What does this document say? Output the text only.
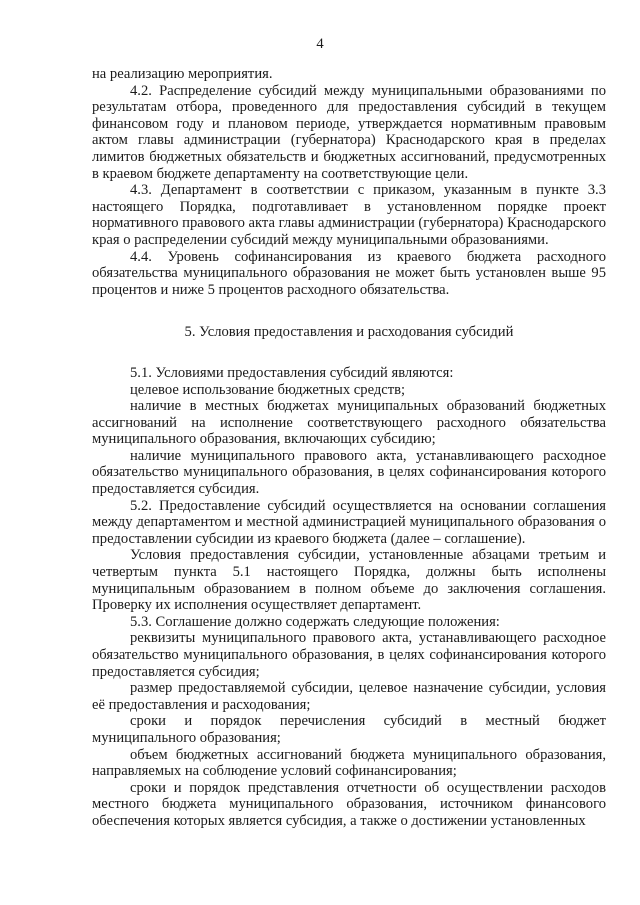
4

на реализацию мероприятия.

4.2. Распределение субсидий между муниципальными образованиями по результатам отбора, проведенного для предоставления субсидий в текущем финансовом году и плановом периоде, утверждается нормативным правовым актом главы администрации (губернатора) Краснодарского края в пределах лимитов бюджетных обязательств и бюджетных ассигнований, предусмотренных в краевом бюджете департаменту на соответствующие цели.

4.3. Департамент в соответствии с приказом, указанным в пункте 3.3 настоящего Порядка, подготавливает в установленном порядке проект нормативного правового акта главы администрации (губернатора) Краснодарского края о распределении субсидий между муниципальными образованиями.

4.4. Уровень софинансирования из краевого бюджета расходного обязательства муниципального образования не может быть установлен выше 95 процентов и ниже 5 процентов расходного обязательства.

5. Условия предоставления и расходования субсидий

5.1. Условиями предоставления субсидий являются:

целевое использование бюджетных средств;

наличие в местных бюджетах муниципальных образований бюджетных ассигнований на исполнение соответствующего расходного обязательства муниципального образования, включающих субсидию;

наличие муниципального правового акта, устанавливающего расходное обязательство муниципального образования, в целях софинансирования которого предоставляется субсидия.

5.2. Предоставление субсидий осуществляется на основании соглашения между департаментом и местной администрацией муниципального образования о предоставлении субсидии из краевого бюджета (далее – соглашение).

Условия предоставления субсидии, установленные абзацами третьим и четвертым пункта 5.1 настоящего Порядка, должны быть исполнены муниципальным образованием в полном объеме до заключения соглашения. Проверку их исполнения осуществляет департамент.

5.3. Соглашение должно содержать следующие положения:

реквизиты муниципального правового акта, устанавливающего расходное обязательство муниципального образования, в целях софинансирования которого предоставляется субсидия;

размер предоставляемой субсидии, целевое назначение субсидии, условия её предоставления и расходования;

сроки и порядок перечисления субсидий в местный бюджет муниципального образования;

объем бюджетных ассигнований бюджета муниципального образования, направляемых на соблюдение условий софинансирования;

сроки и порядок представления отчетности об осуществлении расходов местного бюджета муниципального образования, источником финансового обеспечения которых является субсидия, а также о достижении установленных
